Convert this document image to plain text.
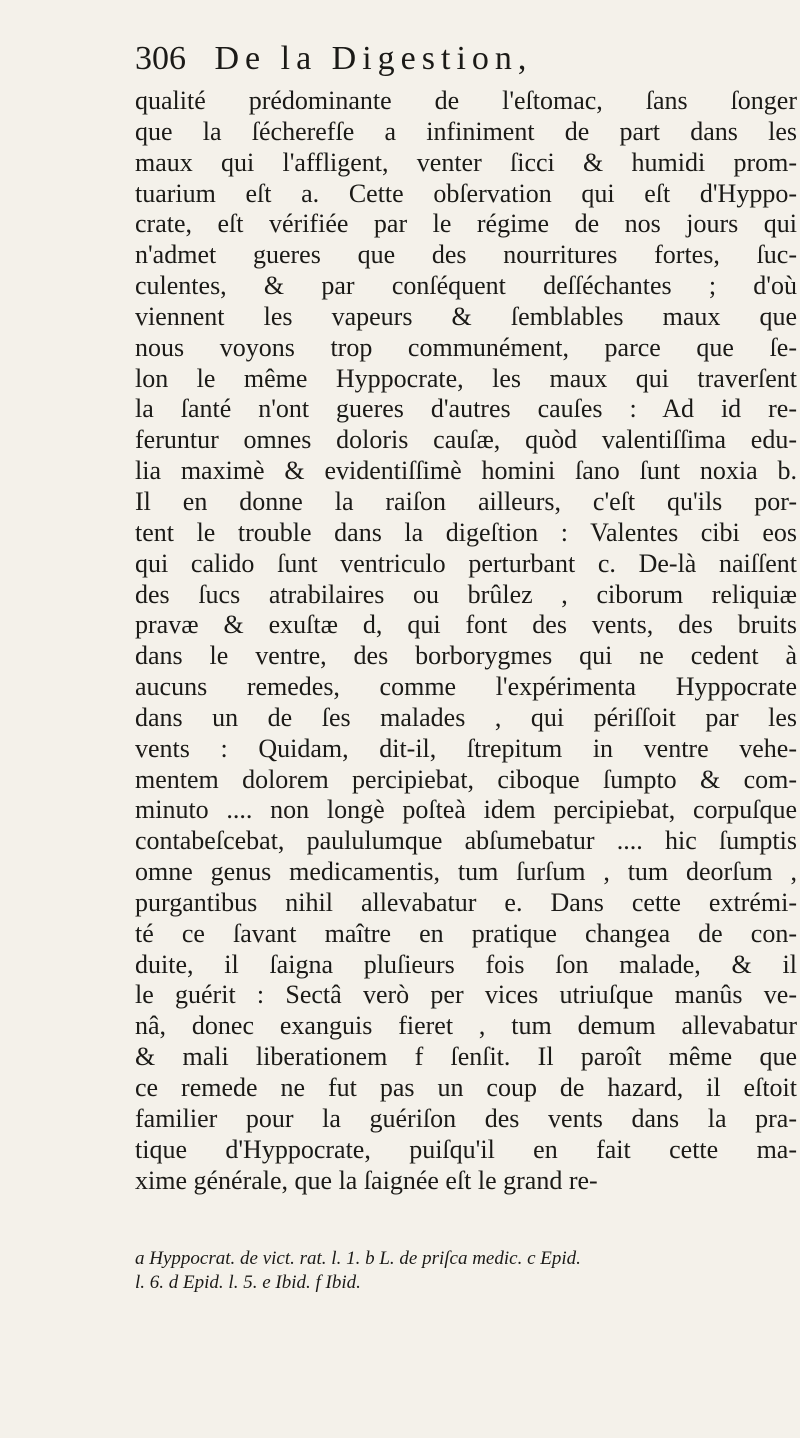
306 De la Digestion,
qualité prédominante de l'eſtomac, ſans ſonger
que la ſécherefſe a infiniment de part dans les
maux qui l'affligent, venter ſicci & humidi prom-
tuarium eſt a. Cette obſervation qui eſt d'Hyppo-
crate, eſt vérifiée par le régime de nos jours qui
n'admet gueres que des nourritures fortes, ſuc-
culentes, & par conſéquent deſſéchantes ; d'où
viennent les vapeurs & ſemblables maux que
nous voyons trop communément, parce que ſe-
lon le même Hyppocrate, les maux qui traverſent
la ſanté n'ont gueres d'autres cauſes : Ad id re-
feruntur omnes doloris cauſæ, quòd valentiſſima edu-
lia maximè & evidentiſſimè homini ſano ſunt noxia b.
Il en donne la raiſon ailleurs, c'eſt qu'ils por-
tent le trouble dans la digeſtion : Valentes cibi eos
qui calido ſunt ventriculo perturbant c. De-là naiſſent
des ſucs atrabilaires ou brûlez , ciborum reliquiæ
pravæ & exuſtæ d, qui font des vents, des bruits
dans le ventre, des borborygmes qui ne cedent à
aucuns remedes, comme l'expérimenta Hyppocrate
dans un de ſes malades , qui périſſoit par les
vents : Quidam, dit-il, ſtrepitum in ventre vehe-
mentem dolorem percipiebat, ciboque ſumpto & com-
minuto .... non longè poſteà idem percipiebat, corpuſque
contabeſcebat, paululumque abſumebatur .... hic ſumptis
omne genus medicamentis, tum ſurſum , tum deorſum ,
purgantibus nihil allevabatur e. Dans cette extrémi-
té ce ſavant maître en pratique changea de con-
duite, il ſaigna pluſieurs fois ſon malade, & il
le guérit : Sectâ verò per vices utriuſque manûs ve-
nâ, donec exanguis fieret , tum demum allevabatur
& mali liberationem f ſenſit. Il paroît même que
ce remede ne fut pas un coup de hazard, il eſtoit
familier pour la guériſon des vents dans la pra-
tique d'Hyppocrate, puiſqu'il en fait cette ma-
xime générale, que la ſaignée eſt le grand re-
a Hyppocrat. de vict. rat. l. 1. b L. de priſca medic. c Epid.
l. 6. d Epid. l. 5. e Ibid. f Ibid.
